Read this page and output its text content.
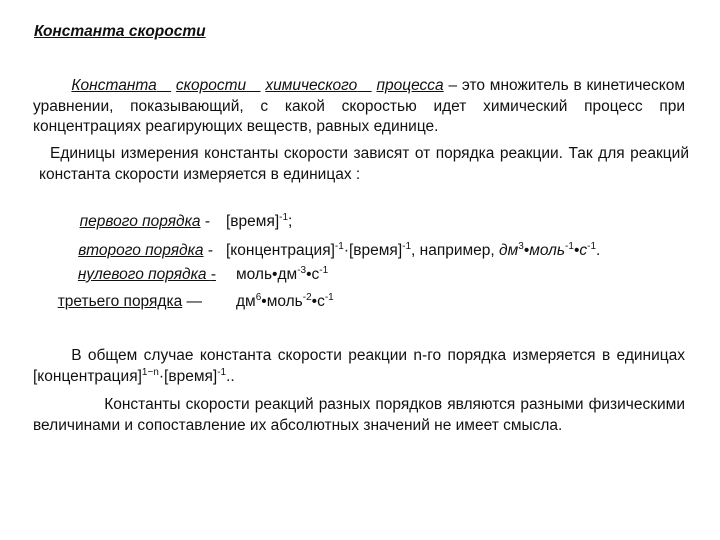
Константа скорости
Константа скорости химического процесса – это множитель в кинетическом уравнении, показывающий, с какой скоростью идет химический процесс при концентрациях реагирующих веществ, равных единице.
Единицы измерения константы скорости зависят от порядка реакции. Так для реакций константа скорости измеряется в единицах :
первого порядка - [время]$^{-1}$;
второго порядка - [концентрация]$^{-1}$·[время]$^{-1}$, например, $дм^3•моль^{-1}•с^{-1}$.
нулевого порядка - $моль•дм^{-3}•с^{-1}$
третьего порядка — $дм^6•моль^{-2}•с^{-1}$
В общем случае константа скорости реакции n-го порядка измеряется в единицах [концентрация]$^{1-n}$·[время]$^{-1}$..
Константы скорости реакций разных порядков являются разными физическими величинами и сопоставление их абсолютных значений не имеет смысла.
